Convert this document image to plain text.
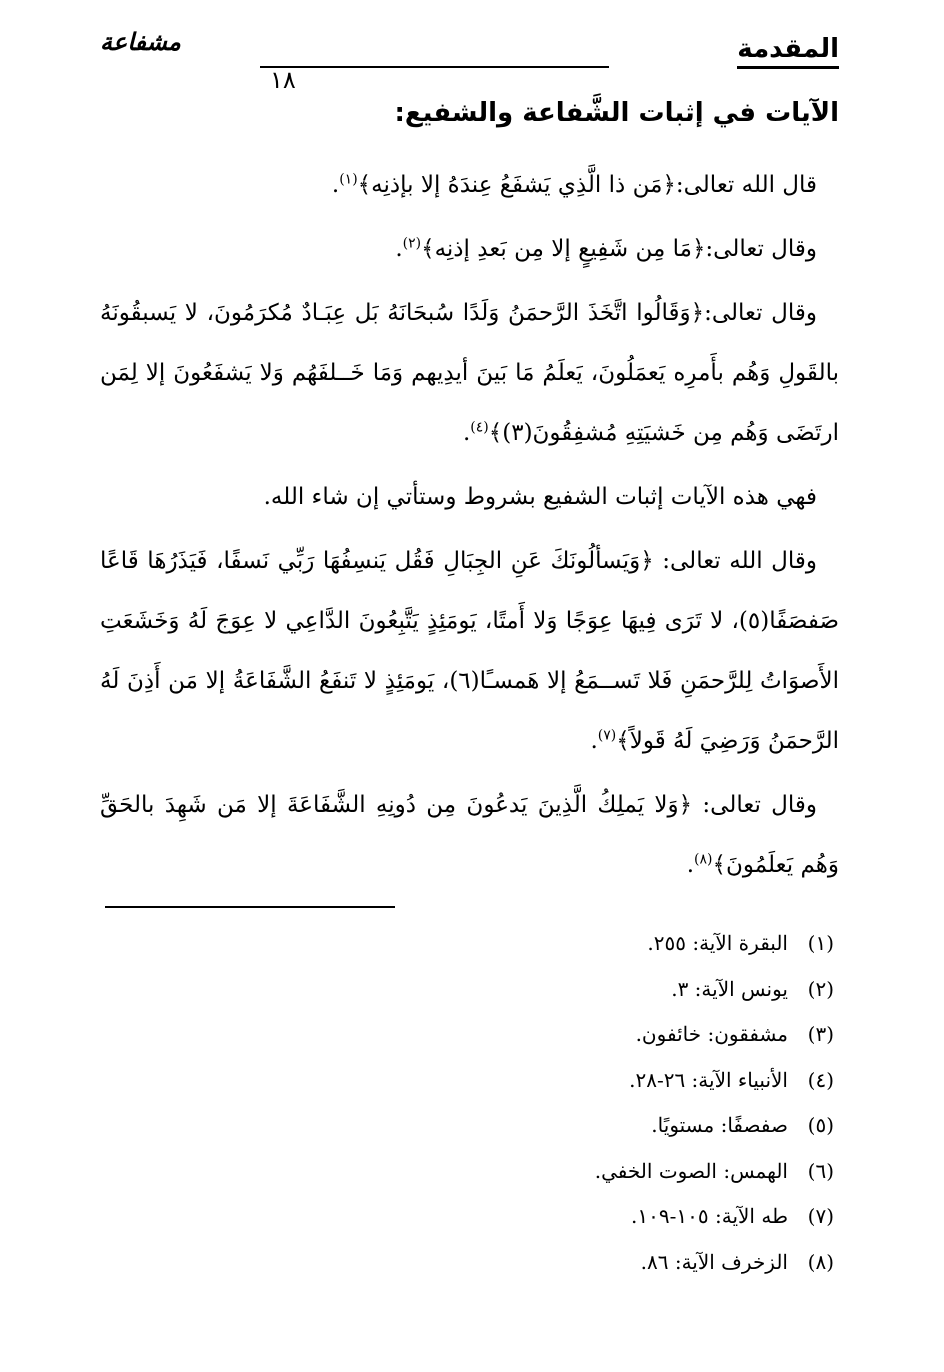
المقدمة
مشفاعة
١٨
الآيات في إثبات الشَّفاعة والشفيع:

قال الله تعالى:﴿مَن ذا الَّذِي يَشفَعُ عِندَهُ إلا بإذنِه﴾$^{(١)}$.

وقال تعالى:﴿مَا مِن شَفِيعٍ إلا مِن بَعدِ إذنِه﴾$^{(٢)}$.

وقال تعالى:﴿وَقَالُوا اتَّخَذَ الرَّحمَنُ وَلَدًا سُبحَانَهُ بَل عِبَـادٌ مُكرَمُونَ، لا يَسبقُونَهُ بالقَولِ وَهُم بأَمرِه يَعمَلُونَ، يَعلَمُ مَا بَينَ أيدِيهم وَمَا خَــلفَهُم وَلا يَشفَعُونَ إلا لِمَن ارتَضَى وَهُم مِن خَشيَتِهِ مُشفِقُونَ(٣)﴾$^{(٤)}$.

فهي هذه الآيات إثبات الشفيع بشروط وستأتي إن شاء الله.

وقال الله تعالى: ﴿وَيَسألُونَكَ عَنِ الجِبَالِ فَقُل يَنسِفُهَا رَبِّي نَسفًا، فَيَذَرُهَا قَاعًا صَفصَفًا(٥)، لا تَرَى فِيهَا عِوَجًا وَلا أَمتًا، يَومَئِذٍ يَتَّبِعُونَ الدَّاعِي لا عِوَجَ لَهُ وَخَشَعَتِ الأَصوَاتُ لِلرَّحمَنِ فَلا تَســمَعُ إلا هَمسـًا(٦)، يَومَئِذٍ لا تَنفَعُ الشَّفَاعَةُ إلا مَن أَذِنَ لَهُ الرَّحمَنُ وَرَضِيَ لَهُ قَولاً﴾$^{(٧)}$.

وقال تعالى: ﴿وَلا يَملِكُ الَّذِينَ يَدعُونَ مِن دُونِهِ الشَّفَاعَةَ إلا مَن شَهِدَ بالحَقِّ وَهُم يَعلَمُونَ﴾$^{(٨)}$.

(١)البقرة الآية: ٢٥٥.
(٢)يونس الآية: ٣.
(٣)مشفقون: خائفون.
(٤)الأنبياء الآية: ٢٦-٢٨.
(٥)صفصفًا: مستويًا.
(٦)الهمس: الصوت الخفي.
(٧)طه الآية: ١٠٥-١٠٩.
(٨)الزخرف الآية: ٨٦.
